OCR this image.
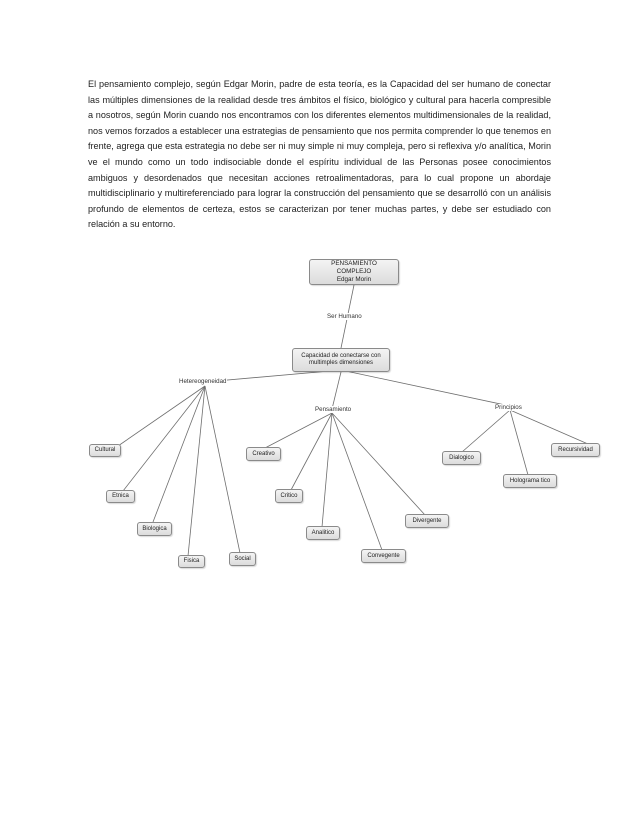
El pensamiento complejo, según Edgar Morin, padre de esta teoría, es la Capacidad del ser humano de conectar las múltiples dimensiones de la realidad desde tres ámbitos el físico, biológico y cultural para hacerla compresible a nosotros, según Morin cuando nos encontramos con los diferentes elementos multidimensionales de la realidad, nos vemos forzados a establecer una estrategias de pensamiento que nos permita comprender lo que tenemos en frente, agrega que esta estrategia no debe ser ni muy simple ni muy compleja, pero si reflexiva y/o analítica, Morin ve el mundo como un todo indisociable donde el espíritu individual de las Personas posee conocimientos ambiguos y desordenados que necesitan acciones retroalimentadoras, para lo cual propone un abordaje multidisciplinario y multireferenciado para lograr la construcción del pensamiento que se desarrolló con un análisis profundo de elementos de certeza, estos se caracterizan por tener muchas partes, y debe ser estudiado con relación a su entorno.
PENSAMIENTO COMPLEJO
Edgar Morin
Ser Humano
Capacidad de conectarse con multimples dimensiones
Hetereogeneidad
Pensamiento	Principios
Cultural
Etnica
Biologica
Fisica	Social
Creativo
Critico
Analitico
Convegente
Divergente
Dialogico
Holograma tico
Recursividad
